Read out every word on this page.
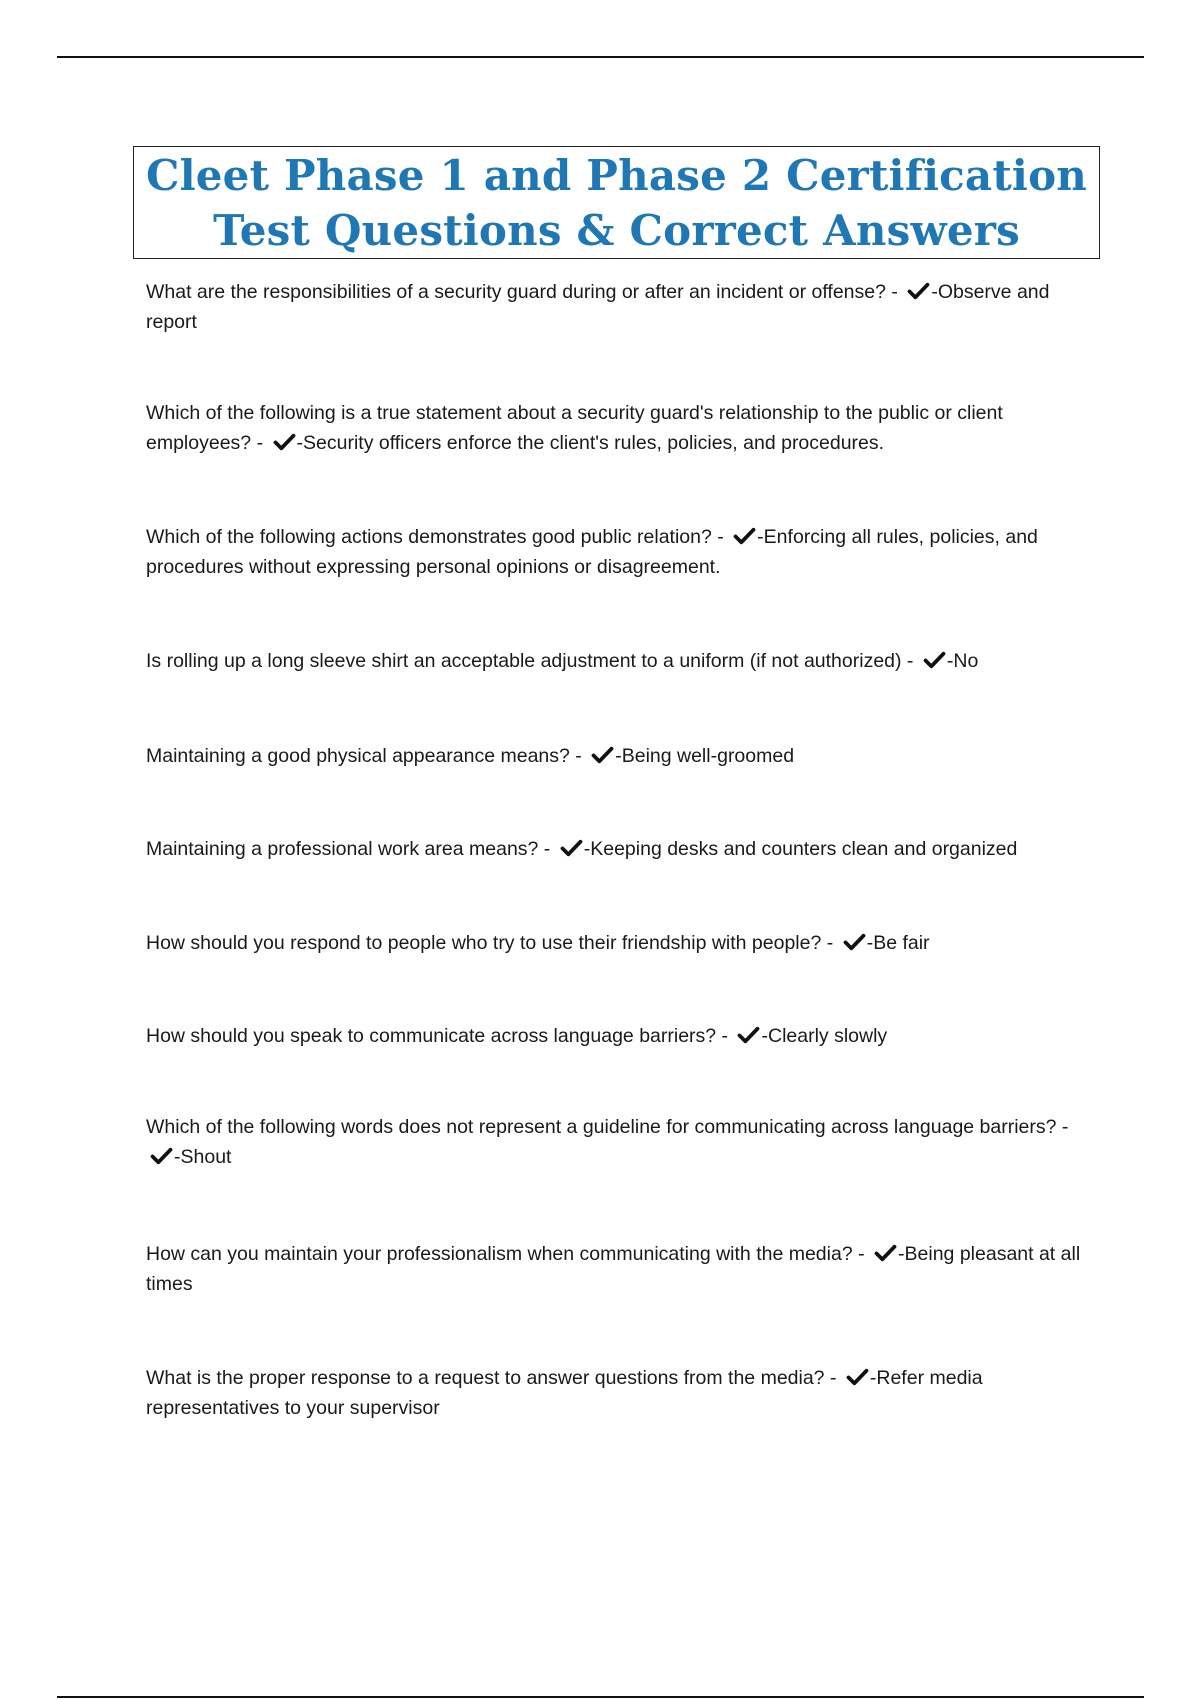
Cleet Phase 1 and Phase 2 Certification
Test Questions & Correct Answers
What are the responsibilities of a security guard during or after an incident or offense? -
-Observe and report
Which of the following is a true statement about a security guard's relationship to the public or client employees? -
-Security officers enforce the client's rules, policies, and procedures.
Which of the following actions demonstrates good public relation? -
-Enforcing all rules, policies, and procedures without expressing personal opinions or disagreement.
Is rolling up a long sleeve shirt an acceptable adjustment to a uniform (if not authorized) -
-No
Maintaining a good physical appearance means? -
-Being well-groomed
Maintaining a professional work area means? -
-Keeping desks and counters clean and organized
How should you respond to people who try to use their friendship with people? -
-Be fair
How should you speak to communicate across language barriers? -
-Clearly slowly
Which of the following words does not represent a guideline for communicating across language barriers? -
-Shout
How can you maintain your professionalism when communicating with the media? -
-Being pleasant at all times
What is the proper response to a request to answer questions from the media? -
-Refer media representatives to your supervisor
